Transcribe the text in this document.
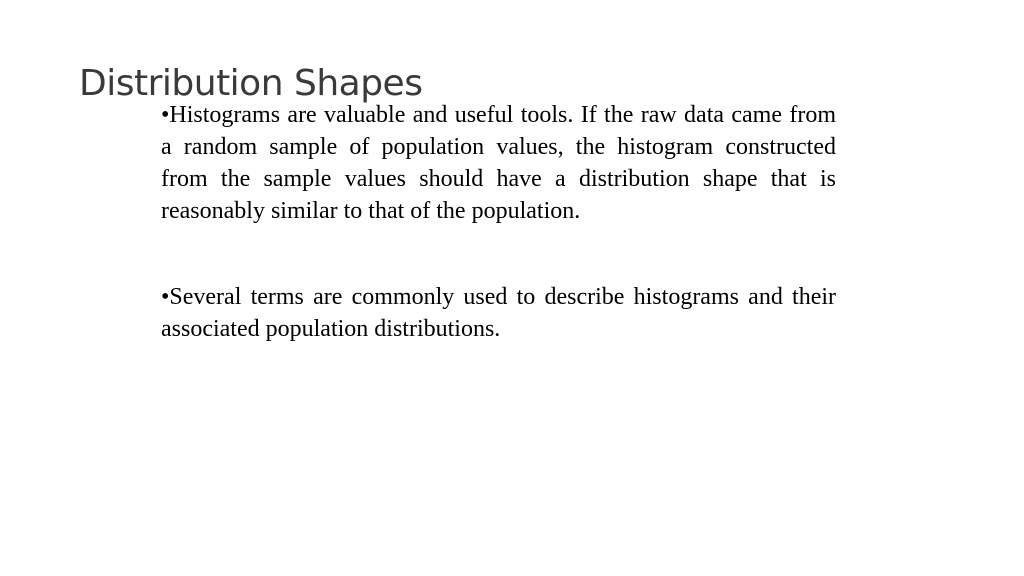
Distribution Shapes

•Histograms are valuable and useful tools. If the raw data came from a random sample of population values, the histogram constructed from the sample values should have a distribution shape that is reasonably similar to that of the population.

•Several terms are commonly used to describe histograms and their associated population distributions.
